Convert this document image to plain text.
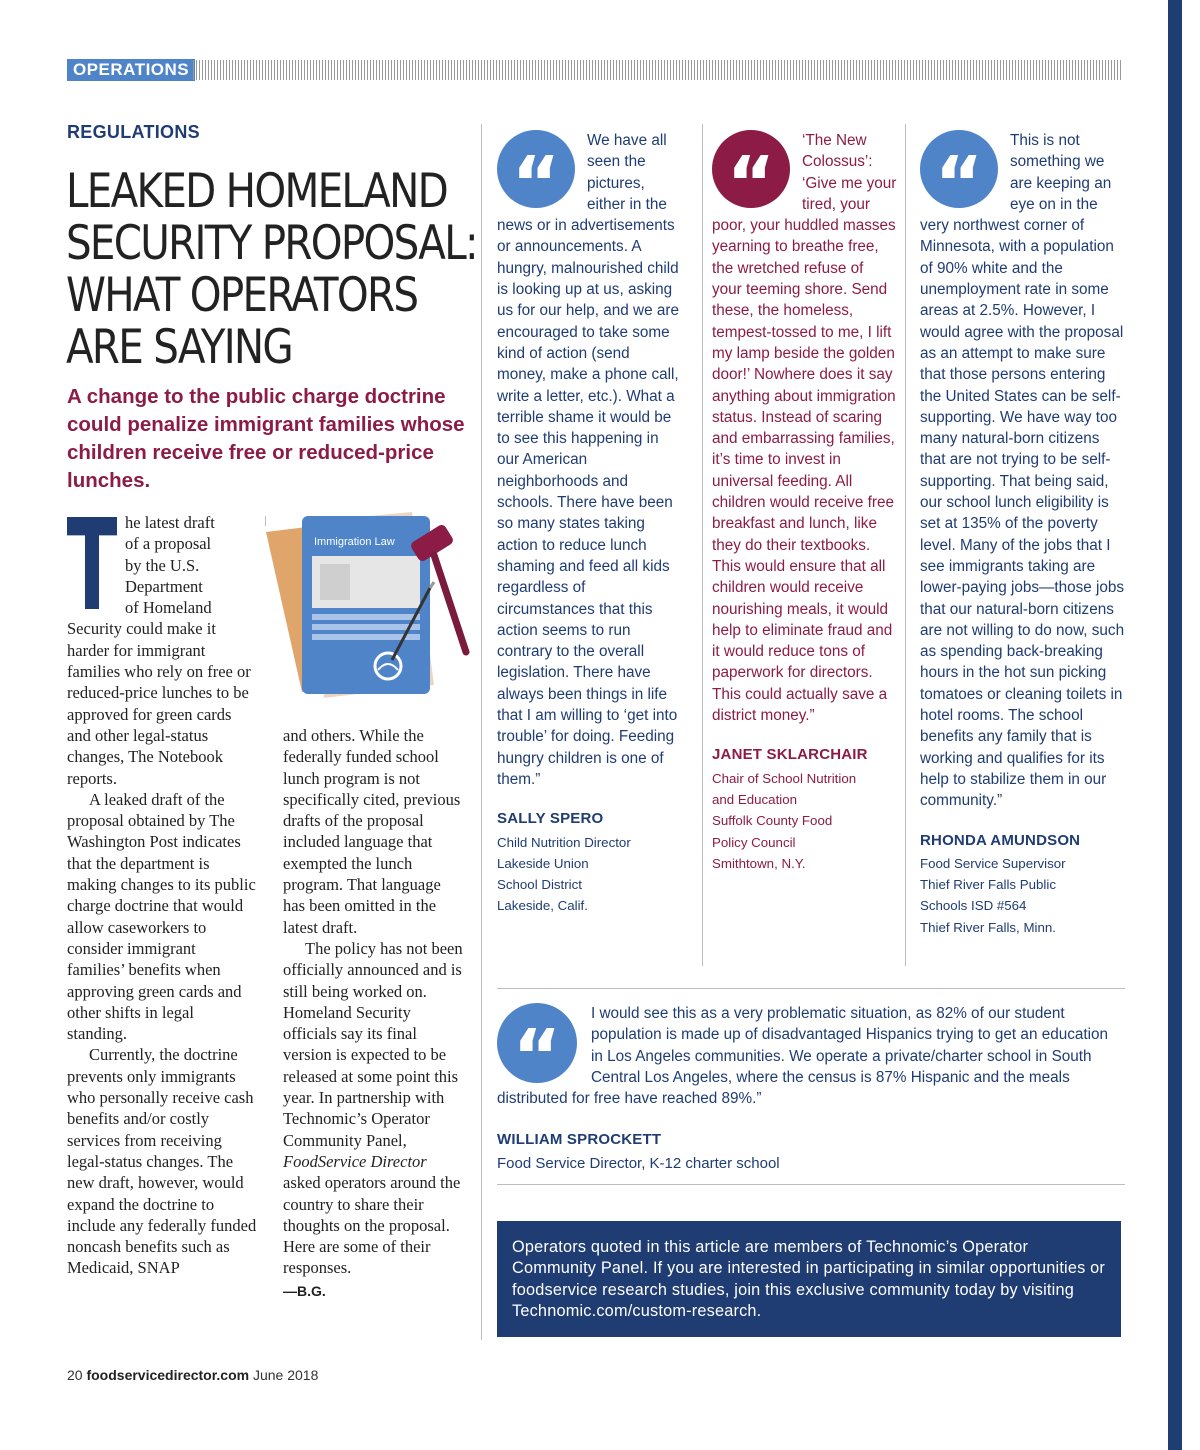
OPERATIONS
REGULATIONS
LEAKED HOMELAND
SECURITY PROPOSAL:
WHAT OPERATORS
ARE SAYING
A change to the public charge doctrine could penalize immigrant families whose children receive free or reduced-price lunches.

he latest draft
of a proposal
by the U.S.
Department
of Homeland
Security could make it harder for immigrant families who rely on free or reduced-price lunches to be approved for green cards and other legal-status changes, The Notebook reports.

A leaked draft of the proposal obtained by The Washington Post indicates that the department is making changes to its public charge doctrine that would allow caseworkers to consider immigrant families’ benefits when approving green cards and other shifts in legal standing.

Currently, the doctrine prevents only immigrants who personally receive cash benefits and/or costly services from receiving legal-status changes. The new draft, however, would expand the doctrine to include any federally funded noncash benefits such as Medicaid, SNAP

Immigration Law

and others. While the federally funded school lunch program is not specifically cited, previous drafts of the proposal included language that exempted the lunch program. That language has been omitted in the latest draft.

The policy has not been officially announced and is still being worked on. Homeland Security officials say its final version is expected to be released at some point this year. In partnership with Technomic’s Operator Community Panel, FoodService Director asked operators around the country to share their thoughts on the proposal. Here are some of their responses.

—B.G.
“
We have all seen the pictures, either in the news or in advertisements or announcements. A hungry, malnourished child is looking up at us, asking us for our help, and we are encouraged to take some kind of action (send money, make a phone call, write a letter, etc.). What a terrible shame it would be to see this happening in our American neighborhoods and schools. There have been so many states taking action to reduce lunch shaming and feed all kids regardless of circumstances that this action seems to run contrary to the overall legislation. There have always been things in life that I am willing to ‘get into trouble’ for doing. Feeding hungry children is one of them.”
SALLY SPERO
Child Nutrition Director
Lakeside Union
School District
Lakeside, Calif.
“
‘The New Colossus’: ‘Give me your tired, your poor, your huddled masses yearning to breathe free, the wretched refuse of your teeming shore. Send these, the homeless, tempest-tossed to me, I lift my lamp beside the golden door!’ Nowhere does it say anything about immigration status. Instead of scaring and embarrassing families, it’s time to invest in universal feeding. All children would receive free breakfast and lunch, like they do their textbooks. This would ensure that all children would receive nourishing meals, it would help to eliminate fraud and it would reduce tons of paperwork for directors. This could actually save a district money.”
JANET SKLARCHAIR
Chair of School Nutrition
and Education
Suffolk County Food
Policy Council
Smithtown, N.Y.
“
This is not something we are keeping an eye on in the very northwest corner of Minnesota, with a population of 90% white and the unemployment rate in some areas at 2.5%. However, I would agree with the proposal as an attempt to make sure that those persons entering the United States can be self-supporting. We have way too many natural-born citizens that are not trying to be self-supporting. That being said, our school lunch eligibility is set at 135% of the poverty level. Many of the jobs that I see immigrants taking are lower-paying jobs—those jobs that our natural-born citizens are not willing to do now, such as spending back-breaking hours in the hot sun picking tomatoes or cleaning toilets in hotel rooms. The school benefits any family that is working and qualifies for its help to stabilize them in our community.”
RHONDA AMUNDSON
Food Service Supervisor
Thief River Falls Public
Schools ISD #564
Thief River Falls, Minn.
“
I would see this as a very problematic situation, as 82% of our student population is made up of disadvantaged Hispanics trying to get an education in Los Angeles communities. We operate a private/charter school in South Central Los Angeles, where the census is 87% Hispanic and the meals distributed for free have reached 89%.”
WILLIAM SPROCKETT
Food Service Director, K-12 charter school
Operators quoted in this article are members of Technomic’s Operator Community Panel. If you are interested in participating in similar opportunities or foodservice research studies, join this exclusive community today by visiting Technomic.com/custom-research.
20 foodservicedirector.com June 2018
